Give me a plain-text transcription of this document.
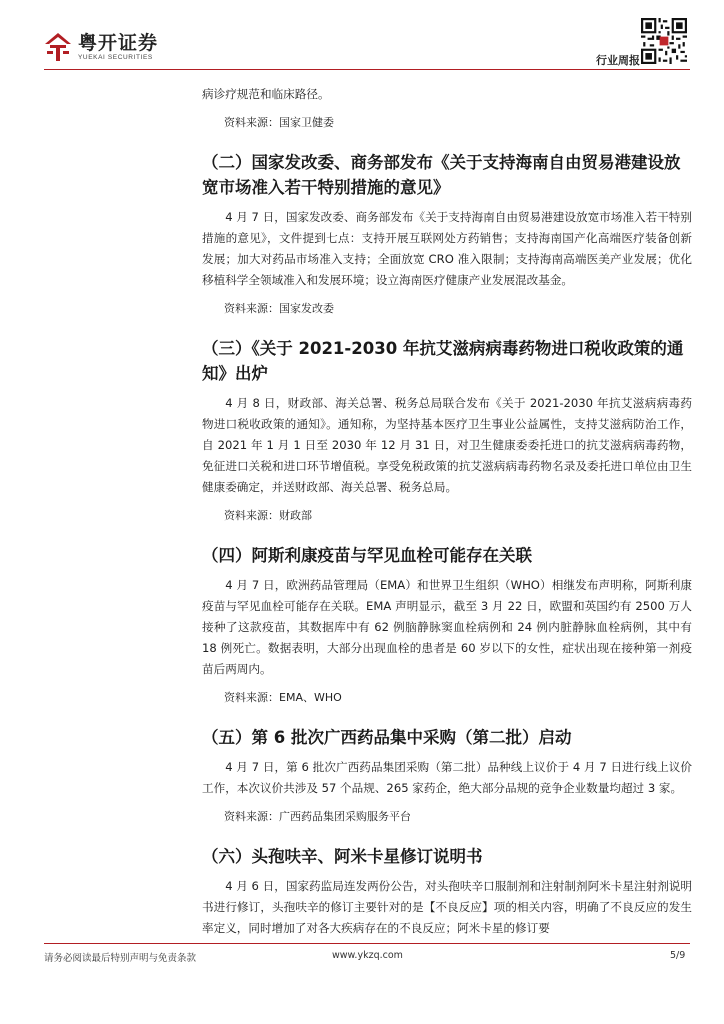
粤开证券
YUEKAI SECURITIES	行业周报

病诊疗规范和临床路径。

资料来源：国家卫健委
（二）国家发改委、商务部发布《关于支持海南自由贸易港建设放宽市场准入若干特别措施的意见》

4 月 7 日，国家发改委、商务部发布《关于支持海南自由贸易港建设放宽市场准入若干特别措施的意见》，文件提到七点：支持开展互联网处方药销售；支持海南国产化高端医疗装备创新发展；加大对药品市场准入支持；全面放宽 CRO 准入限制；支持海南高端医美产业发展；优化移植科学全领域准入和发展环境；设立海南医疗健康产业发展混改基金。

资料来源：国家发改委
（三）《关于 2021-2030 年抗艾滋病病毒药物进口税收政策的通知》出炉

4 月 8 日，财政部、海关总署、税务总局联合发布《关于 2021-2030 年抗艾滋病病毒药物进口税收政策的通知》。通知称，为坚持基本医疗卫生事业公益属性，支持艾滋病防治工作，自 2021 年 1 月 1 日至 2030 年 12 月 31 日，对卫生健康委委托进口的抗艾滋病病毒药物，免征进口关税和进口环节增值税。享受免税政策的抗艾滋病病毒药物名录及委托进口单位由卫生健康委确定，并送财政部、海关总署、税务总局。

资料来源：财政部
（四）阿斯利康疫苗与罕见血栓可能存在关联

4 月 7 日，欧洲药品管理局（EMA）和世界卫生组织（WHO）相继发布声明称，阿斯利康疫苗与罕见血栓可能存在关联。EMA 声明显示，截至 3 月 22 日，欧盟和英国约有 2500 万人接种了这款疫苗，其数据库中有 62 例脑静脉窦血栓病例和 24 例内脏静脉血栓病例，其中有 18 例死亡。数据表明，大部分出现血栓的患者是 60 岁以下的女性，症状出现在接种第一剂疫苗后两周内。

资料来源：EMA、WHO
（五）第 6 批次广西药品集中采购（第二批）启动

4 月 7 日，第 6 批次广西药品集团采购（第二批）品种线上议价于 4 月 7 日进行线上议价工作，本次议价共涉及 57 个品规、265 家药企，绝大部分品规的竞争企业数量均超过 3 家。

资料来源：广西药品集团采购服务平台
（六）头孢呋辛、阿米卡星修订说明书

4 月 6 日，国家药监局连发两份公告，对头孢呋辛口服制剂和注射制剂阿米卡星注射剂说明书进行修订，头孢呋辛的修订主要针对的是【不良反应】项的相关内容，明确了不良反应的发生率定义，同时增加了对各大疾病存在的不良反应；阿米卡星的修订要

请务必阅读最后特别声明与免责条款	www.ykzq.com	5/9
